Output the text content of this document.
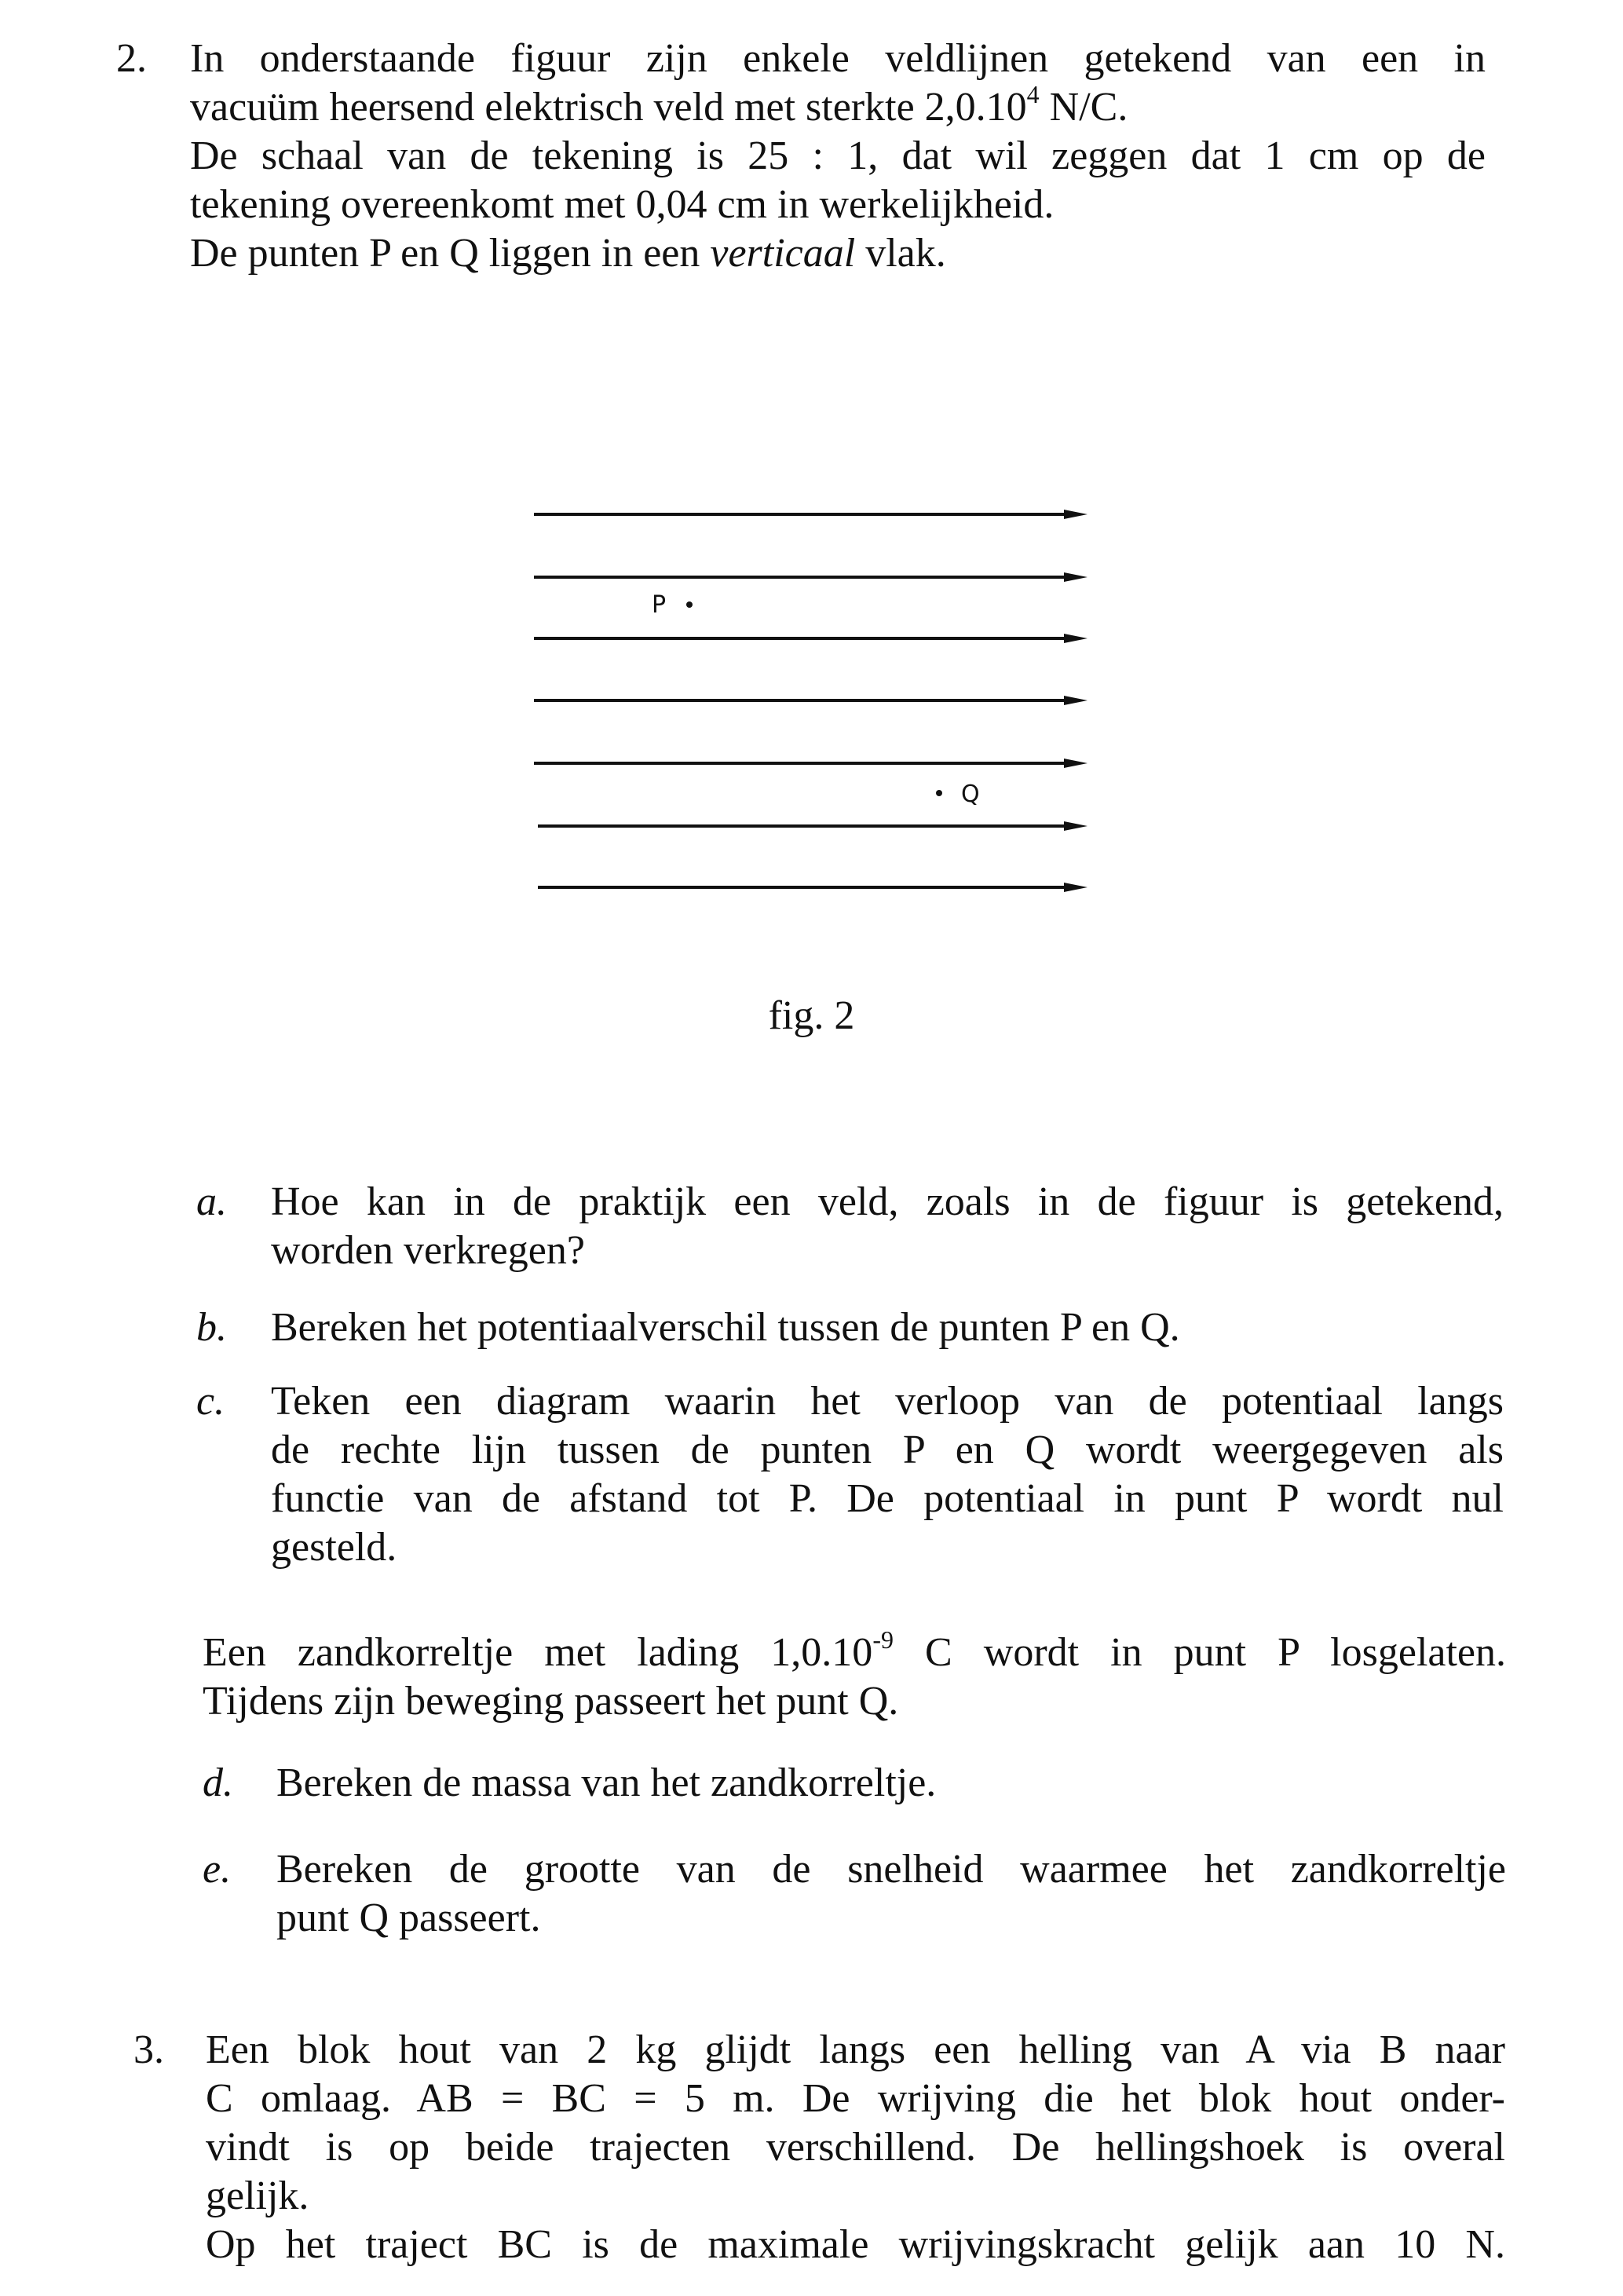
2. In onderstaande figuur zijn enkele veldlijnen getekend van een in
vacuüm heersend elektrisch veld met sterkte 2,0.10$^4$ N/C.
De schaal van de tekening is 25 : 1, dat wil zeggen dat 1 cm op de
tekening overeenkomt met 0,04 cm in werkelijkheid.
De punten P en Q liggen in een verticaal vlak.
P
Q
fig. 2
a. Hoe kan in de praktijk een veld, zoals in de figuur is getekend,
worden verkregen?
b. Bereken het potentiaalverschil tussen de punten P en Q.
c. Teken een diagram waarin het verloop van de potentiaal langs
de rechte lijn tussen de punten P en Q wordt weergegeven als
functie van de afstand tot P. De potentiaal in punt P wordt nul
gesteld.
Een zandkorreltje met lading $1,0.10^{-9}$ C wordt in punt P losgelaten.
Tijdens zijn beweging passeert het punt Q.
d. Bereken de massa van het zandkorreltje.
e. Bereken de grootte van de snelheid waarmee het zandkorreltje
punt Q passeert.
3. Een blok hout van 2 kg glijdt langs een helling van A via B naar
C omlaag. AB = BC = 5 m. De wrijving die het blok hout onder-
vindt is op beide trajecten verschillend. De hellingshoek is overal
gelijk.
Op het traject BC is de maximale wrijvingskracht gelijk aan 10 N.
